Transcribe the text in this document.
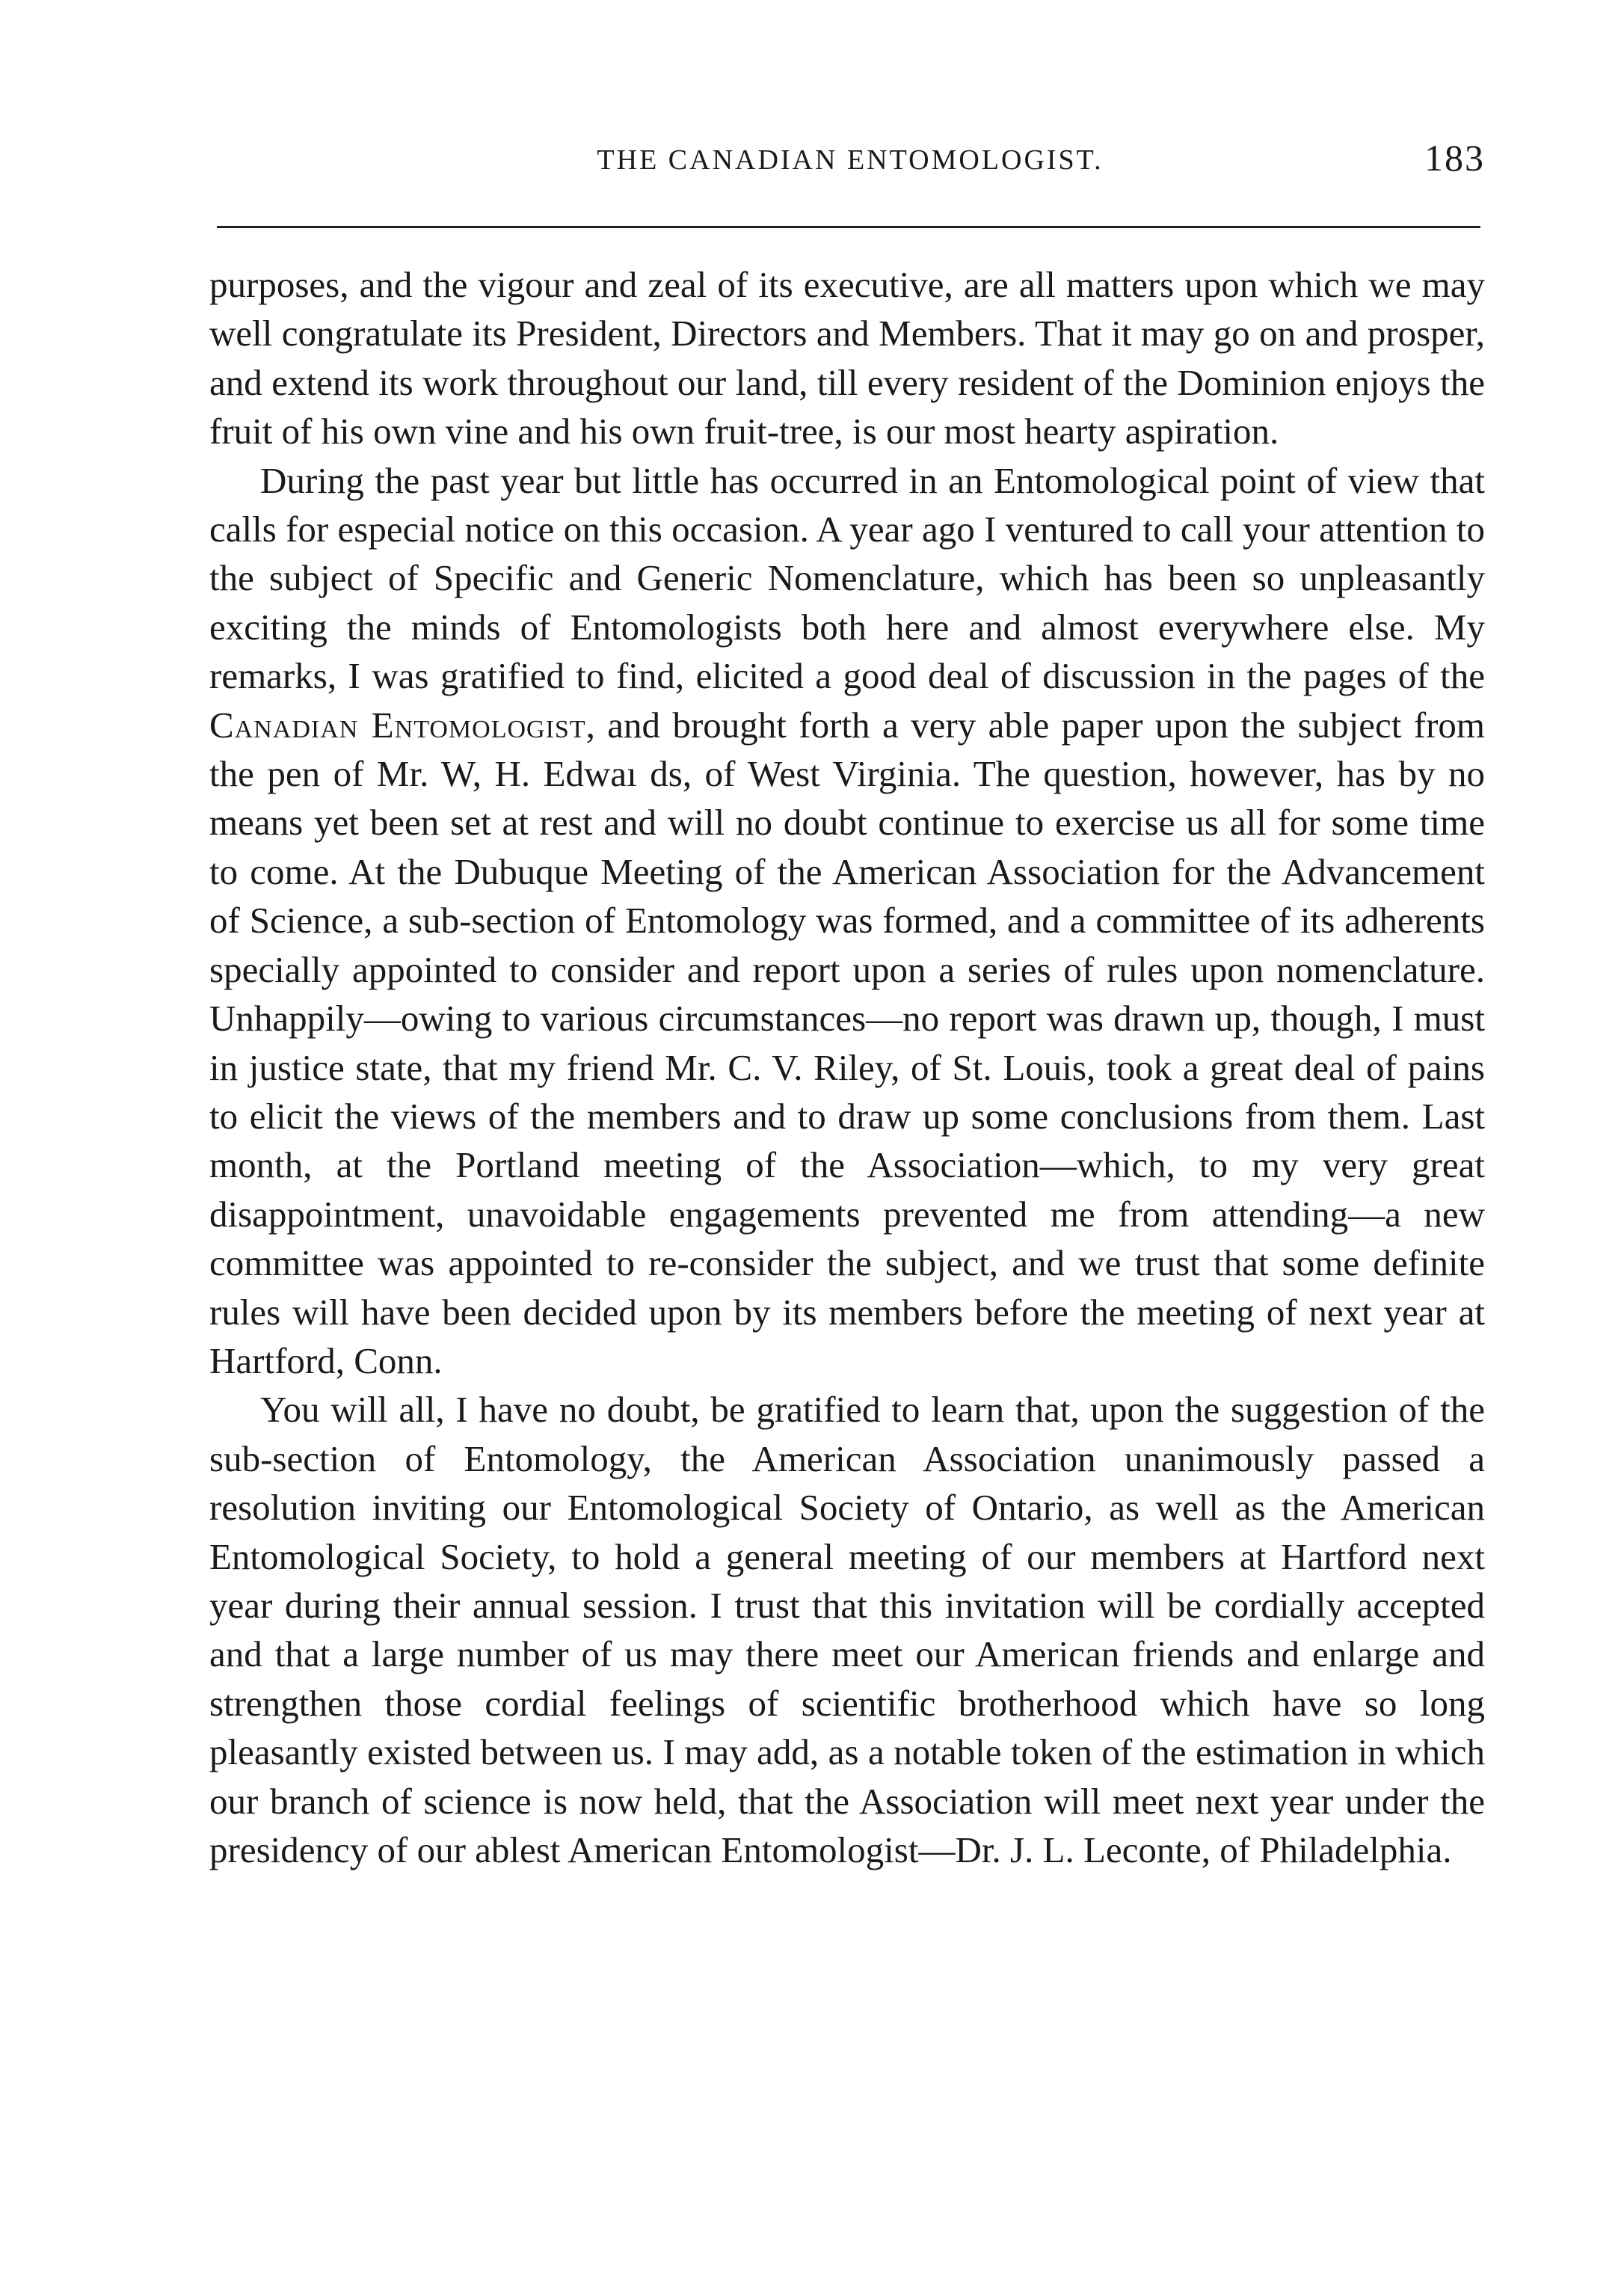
THE CANADIAN ENTOMOLOGIST.	183

purposes, and the vigour and zeal of its executive, are all matters upon which we may well congratulate its President, Directors and Members. That it may go on and prosper, and extend its work throughout our land, till every resident of the Dominion enjoys the fruit of his own vine and his own fruit-tree, is our most hearty aspiration.

During the past year but little has occurred in an Entomological point of view that calls for especial notice on this occasion. A year ago I ventured to call your attention to the subject of Specific and Generic Nomenclature, which has been so unpleasantly exciting the minds of Entomologists both here and almost everywhere else. My remarks, I was gratified to find, elicited a good deal of discussion in the pages of the Canadian Entomologist, and brought forth a very able paper upon the subject from the pen of Mr. W, H. Edwaı ds, of West Virginia. The question, however, has by no means yet been set at rest and will no doubt continue to exercise us all for some time to come. At the Dubuque Meeting of the American Association for the Advancement of Science, a sub-section of Entomology was formed, and a committee of its adherents specially appointed to consider and report upon a series of rules upon nomenclature. Unhappily—owing to various circumstances—no report was drawn up, though, I must in justice state, that my friend Mr. C. V. Riley, of St. Louis, took a great deal of pains to elicit the views of the members and to draw up some conclusions from them. Last month, at the Portland meeting of the Association—which, to my very great disappointment, unavoidable engagements prevented me from attending—a new committee was appointed to re-consider the subject, and we trust that some definite rules will have been decided upon by its members before the meeting of next year at Hartford, Conn.

You will all, I have no doubt, be gratified to learn that, upon the suggestion of the sub-section of Entomology, the American Association unanimously passed a resolution inviting our Entomological Society of Ontario, as well as the American Entomological Society, to hold a general meeting of our members at Hartford next year during their annual session. I trust that this invitation will be cordially accepted and that a large number of us may there meet our American friends and enlarge and strengthen those cordial feelings of scientific brotherhood which have so long pleasantly existed between us. I may add, as a notable token of the estimation in which our branch of science is now held, that the Association will meet next year under the presidency of our ablest American Entomologist—Dr. J. L. Leconte, of Philadelphia.
